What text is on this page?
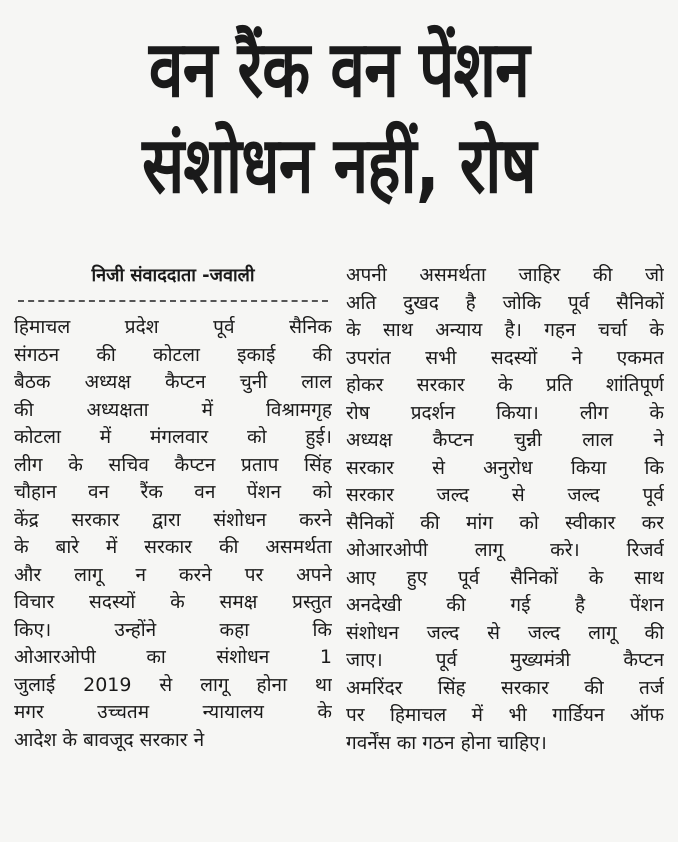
वन रैंक वन पेंशन
संशोधन नहीं, रोष
निजी संवाददाता -जवाली
हिमाचल प्रदेश पूर्व सैनिक
संगठन की कोटला इकाई की
बैठक अध्यक्ष कैप्टन चुनी लाल
की अध्यक्षता में विश्रामगृह
कोटला में मंगलवार को हुई।
लीग के सचिव कैप्टन प्रताप सिंह
चौहान वन रैंक वन पेंशन को
केंद्र सरकार द्वारा संशोधन करने
के बारे में सरकार की असमर्थता
और लागू न करने पर अपने
विचार सदस्यों के समक्ष प्रस्तुत
किए। उन्होंने कहा कि
ओआरओपी का संशोधन 1
जुलाई 2019 से लागू होना था
मगर उच्चतम न्यायालय के
आदेश के बावजूद सरकार ने
अपनी असमर्थता जाहिर की जो
अति दुखद है जोकि पूर्व सैनिकों
के साथ अन्याय है। गहन चर्चा के
उपरांत सभी सदस्यों ने एकमत
होकर सरकार के प्रति शांतिपूर्ण
रोष प्रदर्शन किया। लीग के
अध्यक्ष कैप्टन चुन्नी लाल ने
सरकार से अनुरोध किया कि
सरकार जल्द से जल्द पूर्व
सैनिकों की मांग को स्वीकार कर
ओआरओपी लागू करे। रिजर्व
आए हुए पूर्व सैनिकों के साथ
अनदेखी की गई है पेंशन
संशोधन जल्द से जल्द लागू की
जाए। पूर्व मुख्यमंत्री कैप्टन
अमरिंदर सिंह सरकार की तर्ज
पर हिमाचल में भी गार्डियन ऑफ
गवर्नेंस का गठन होना चाहिए।
